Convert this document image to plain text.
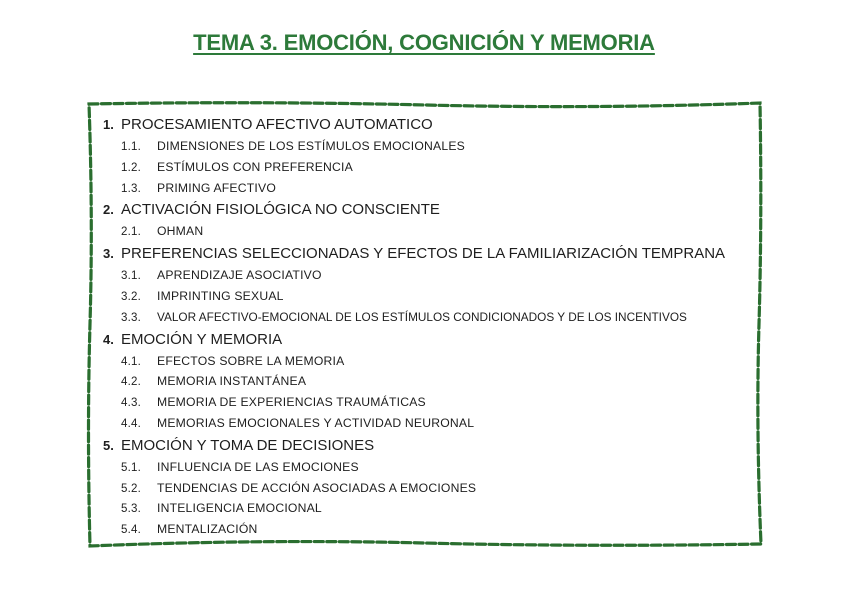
TEMA 3. EMOCIÓN, COGNICIÓN Y MEMORIA
1. PROCESAMIENTO AFECTIVO AUTOMATICO
1.1.	DIMENSIONES DE LOS ESTÍMULOS EMOCIONALES
1.2.	ESTÍMULOS CON PREFERENCIA
1.3.	PRIMING AFECTIVO
2. ACTIVACIÓN FISIOLÓGICA NO CONSCIENTE
2.1.	OHMAN
3. PREFERENCIAS SELECCIONADAS Y EFECTOS DE LA FAMILIARIZACIÓN TEMPRANA
3.1.	APRENDIZAJE ASOCIATIVO
3.2.	IMPRINTING SEXUAL
3.3.	VALOR AFECTIVO-EMOCIONAL DE LOS ESTÍMULOS CONDICIONADOS Y DE LOS INCENTIVOS
4. EMOCIÓN Y MEMORIA
4.1.	EFECTOS SOBRE LA MEMORIA
4.2.	MEMORIA INSTANTÁNEA
4.3.	MEMORIA DE EXPERIENCIAS TRAUMÁTICAS
4.4.	MEMORIAS EMOCIONALES Y ACTIVIDAD NEURONAL
5. EMOCIÓN Y TOMA DE DECISIONES
5.1.	INFLUENCIA DE LAS EMOCIONES
5.2.	TENDENCIAS DE ACCIÓN ASOCIADAS A EMOCIONES
5.3.	INTELIGENCIA EMOCIONAL
5.4.	MENTALIZACIÓN
